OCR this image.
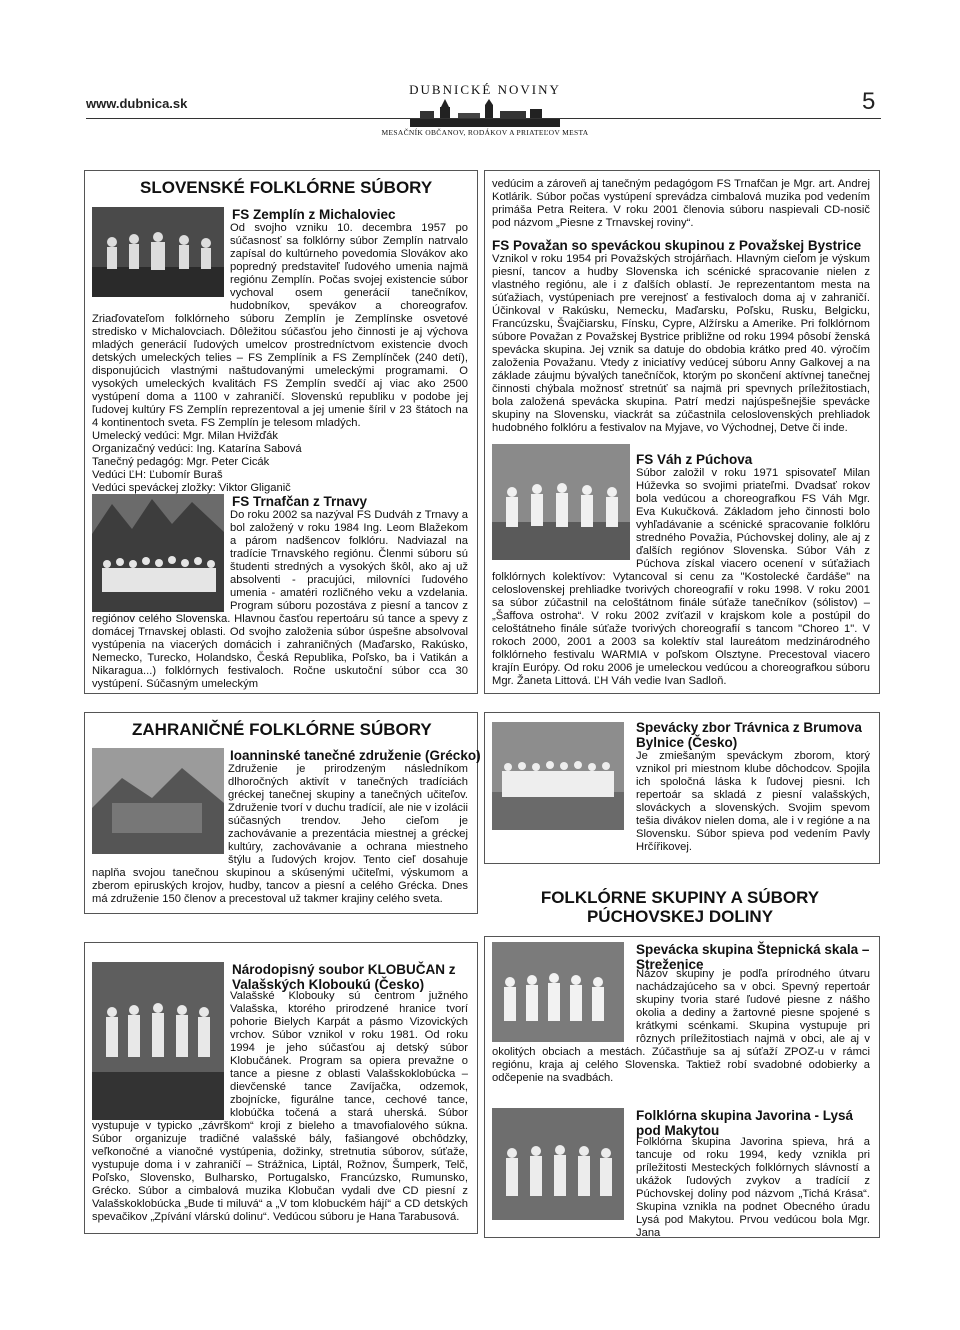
www.dubnica.sk
DUBNICKÉ NOVINY
MESAČNÍK OBČANOV, RODÁKOV A PRIATEĽOV MESTA
5
SLOVENSKÉ FOLKLÓRNE SÚBORY
FS Zemplín z Michaloviec

Od svojho vzniku 10. decembra 1957 po súčasnosť sa folklórny súbor Zemplín natrvalo zapísal do kultúrneho povedomia Slovákov ako popredný predstaviteľ ľudového umenia najmä regiónu Zemplín. Počas svojej existencie súbor vychoval osem generácií tanečníkov, hudobníkov, spevákov a choreografov. Zriaďovateľom folklórneho súboru Zemplín je Zemplínske osvetové stredisko v Michalovciach. Dôležitou súčasťou jeho činnosti je aj výchova mladých generácií ľudových umelcov prostredníctvom existencie dvoch detských umeleckých telies – FS Zemplínik a FS Zemplínček (240 detí), disponujúcich vlastnými naštudovanými umeleckými programami. O vysokých umeleckých kvalitách FS Zemplín svedčí aj viac ako 2500 vystúpení doma a 1100 v zahraničí. Slovenskú republiku v podobe jej ľudovej kultúry FS Zemplín reprezentoval a jej umenie šíril v 23 štátoch na 4 kontinentoch sveta. FS Zemplín je telesom mladých.

Umelecký vedúci: Mgr. Milan Hvižďák
Organizačný vedúci: Ing. Katarína Sabová
Tanečný pedagóg: Mgr. Peter Cicák
Vedúci ĽH: Ľubomír Buraš
Vedúci speváckej zložky: Viktor Gliganič
FS Trnafčan z Trnavy

Do roku 2002 sa nazýval FS Dudváh z Trnavy a bol založený v roku 1984 Ing. Leom Blažekom a párom nadšencov folklóru. Nadviazal na tradície Trnavského regiónu. Členmi súboru sú študenti stredných a vysokých škôl, ako aj už absolventi - pracujúci, milovníci ľudového umenia - amatéri rozličného veku a vzdelania. Program súboru pozostáva z piesní a tancov z regiónov celého Slovenska. Hlavnou časťou repertoáru sú tance a spevy z domácej Trnavskej oblasti. Od svojho založenia súbor úspešne absolvoval vystúpenia na viacerých domácich i zahraničných (Maďarsko, Rakúsko, Nemecko, Turecko, Holandsko, Česká Republika, Poľsko, ba i Vatikán a Nikaragua...) folklórnych festivaloch. Ročne uskutoční súbor cca 30 vystúpení. Súčasným umeleckým

vedúcim a zároveň aj tanečným pedagógom FS Trnafčan je Mgr. art. Andrej Kotlárik. Súbor počas vystúpení sprevádza cimbalová muzika pod vedením primáša Petra Reitera. V roku 2001 členovia súboru naspievali CD-nosič pod názvom „Piesne z Trnavskej roviny“.

FS Považan so speváckou skupinou z Považskej Bystrice

Vznikol v roku 1954 pri Považských strojárňach. Hlavným cieľom je výskum piesní, tancov a hudby Slovenska ich scénické spracovanie nielen z vlastného regiónu, ale i z ďalších oblastí. Je reprezentantom mesta na súťažiach, vystúpeniach pre verejnosť a festivaloch doma aj v zahraničí. Účinkoval v Rakúsku, Nemecku, Maďarsku, Poľsku, Rusku, Belgicku, Francúzsku, Švajčiarsku, Fínsku, Cypre, Alžírsku a Amerike. Pri folklórnom súbore Považan z Považskej Bystrice približne od roku 1994 pôsobí ženská spevácka skupina. Jej vznik sa datuje do obdobia krátko pred 40. výročím založenia Považanu. Vtedy z iniciatívy vedúcej súboru Anny Galkovej a na základe záujmu bývalých tanečníčok, ktorým po skončení aktívnej tanečnej činnosti chýbala možnosť stretnúť sa najmä pri spevnych príležitostiach, bola založená spevácka skupina. Patrí medzi najúspešnejšie spevácke skupiny na Slovensku, viackrát sa zúčastnila celoslovenských prehliadok hudobného folklóru a festivalov na Myjave, vo Východnej, Detve či inde.

FS Váh z Púchova

Súbor založil v roku 1971 spisovateľ Milan Húževka so svojimi priateľmi. Dvadsať rokov bola vedúcou a choreografkou FS Váh Mgr. Eva Kukučková. Základom jeho činnosti bolo vyhľadávanie a scénické spracovanie folklóru stredného Považia, Púchovskej doliny, ale aj z ďalších regiónov Slovenska. Súbor Váh z Púchova získal viacero ocenení v súťažiach folklórnych kolektívov: Vytancoval si cenu za "Kostolecké čardáše" na celoslovenskej prehliadke tvorivých choreografií v roku 1998. V roku 2001 sa súbor zúčastnil na celoštátnom finále súťaže tanečníkov (sólistov) – „Šaffova ostroha“. V roku 2002 zvíťazil v krajskom kole a postúpil do celoštátneho finále súťaže tvorivých choreografií s tancom "Choreo 1". V rokoch 2000, 2001 a 2003 sa kolektív stal laureátom medzinárodného folklórneho festivalu WARMIA v poľskom Olsztyne. Precestoval viacero krajín Európy. Od roku 2006 je umeleckou vedúcou a choreografkou súboru Mgr. Žaneta Littová. ĽH Váh vedie Ivan Sadloň.

ZAHRANIČNÉ FOLKLÓRNE SÚBORY
Ioanninské tanečné združenie (Grécko)

Združenie je prirodzeným následníkom dlhoročných aktivít v tanečných tradíciách gréckej tanečnej skupiny a tanečných učiteľov. Združenie tvorí v duchu tradícií, ale nie v izolácii súčasných trendov. Jeho cieľom je zachovávanie a prezentácia miestnej a gréckej kultúry, zachovávanie a ochrana miestneho štýlu a ľudových krojov. Tento cieľ dosahuje naplňa svojou tanečnou skupinou a skúsenými učiteľmi, výskumom a zberom epiruských krojov, hudby, tancov a piesní a celého Grécka. Dnes má združenie 150 členov a precestoval už takmer krajiny celého sveta.

Národopisný soubor KLOBUČAN z Valašských Kloboukú (Česko)

Valašské Klobouky sú centrom južného Valašska, ktorého prirodzené hranice tvorí pohorie Bielych Karpát a pásmo Vizovických vrchov. Súbor vznikol v roku 1981. Od roku 1994 je jeho súčasťou aj detský súbor Klobučánek. Program sa opiera prevažne o tance a piesne z oblasti Valašskoklobúcka – dievčenské tance Zavíjačka, odzemok, zbojnícke, figurálne tance, cechové tance, klobúčka točená a stará uherská. Súbor vystupuje v typicko „závrškom“ kroji z bieleho a tmavofialového súkna. Súbor organizuje tradičné valašské bály, fašiangové obchôdzky, veľkonočné a vianočné vystúpenia, dožinky, stretnutia súborov, súťaže, vystupuje doma i v zahraničí – Strážnica, Liptál, Rožnov, Šumperk, Telč, Poľsko, Slovensko, Bulharsko, Portugalsko, Francúzsko, Rumunsko, Grécko. Súbor a cimbalová muzika Klobučan vydali dve CD piesní z Valašskoklobúcka „Bude ti miluvá“ a „V tom klobuckém hájí“ a CD detských spevačikov „Zpívání vlárskú dolinu“. Vedúcou súboru je Hana Tarabusová.

Spevácky zbor Trávnica z Brumova Bylnice (Česko)

Je zmiešaným speváckym zborom, ktorý vznikol pri miestnom klube dôchodcov. Spojila ich spoločná láska k ľudovej piesni. Ich repertoár sa skladá z piesní valašských, slováckych a slovenských. Svojim spevom tešia divákov nielen doma, ale i v regióne a na Slovensku. Súbor spieva pod vedením Pavly Hrčířikovej.

FOLKLÓRNE SKUPINY A SÚBORY PÚCHOVSKEJ DOLINY
Spevácka skupina Štepnická skala – Streženice

Názov skupiny je podľa prírodného útvaru nachádzajúceho sa v obci. Spevný repertoár skupiny tvoria staré ľudové piesne z nášho okolia a dediny a žartovné piesne spojené s krátkymi scénkami. Skupina vystupuje pri rôznych príležitostiach najmä v obci, ale aj v okolitých obciach a mestách. Zúčastňuje sa aj súťaží ZPOZ-u v rámci regiónu, kraja aj celého Slovenska. Taktiež robí svadobné odobierky a odčepenie na svadbách.

Folklórna skupina Javorina - Lysá pod Makytou

Folklórna skupina Javorina spieva, hrá a tancuje od roku 1994, kedy vznikla pri príležitosti Mesteckých folklórnych slávností a ukážok ľudových zvykov a tradícií z Púchovskej doliny pod názvom „Tichá Krása“. Skupina vznikla na podnet Obecného úradu Lysá pod Makytou. Prvou vedúcou bola Mgr. Jana
